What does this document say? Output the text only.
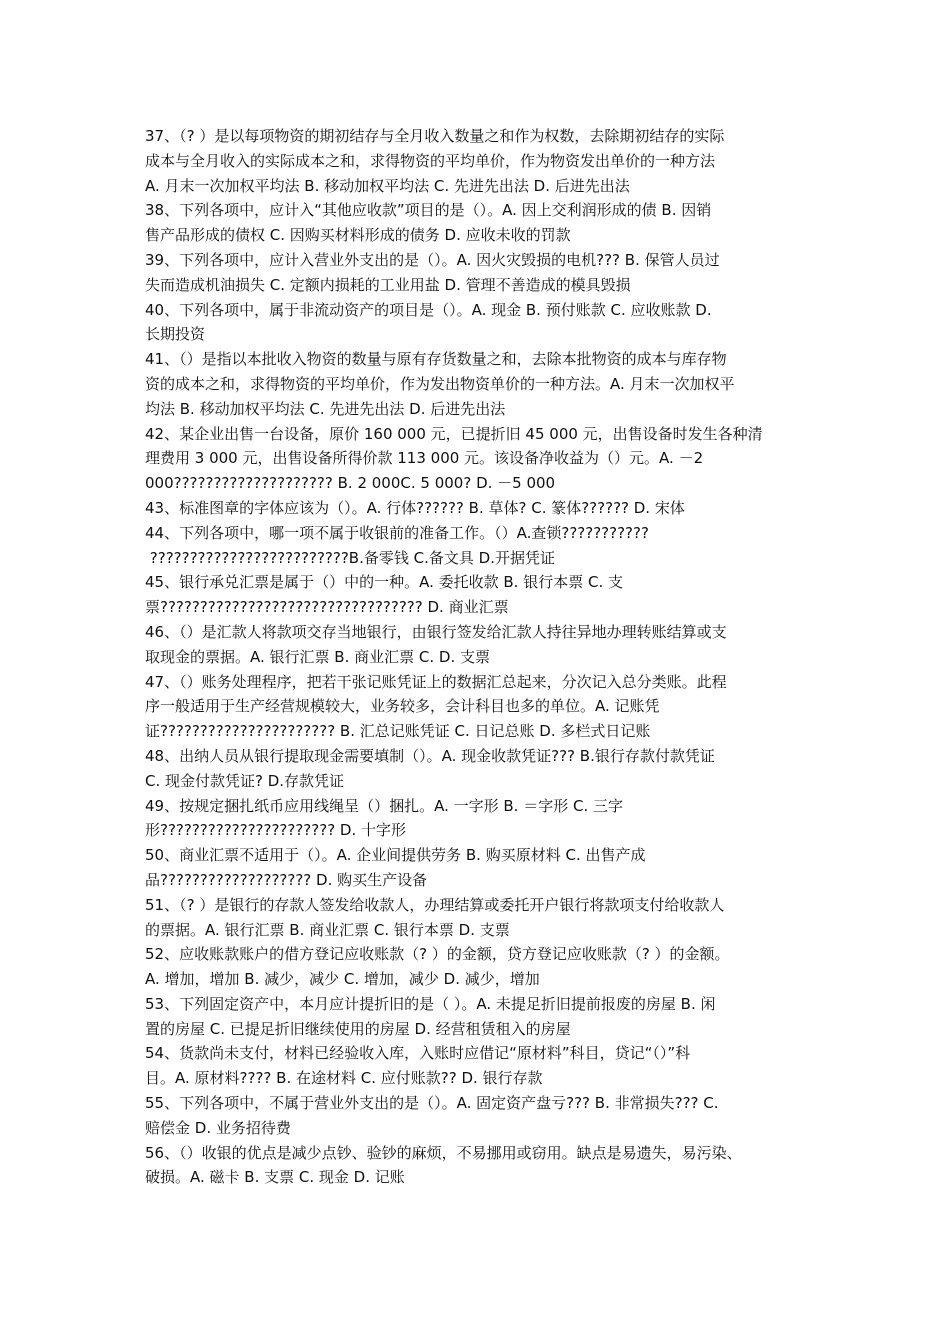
37、（? ）是以每项物资的期初结存与全月收入数量之和作为权数，去除期初结存的实际
成本与全月收入的实际成本之和，求得物资的平均单价，作为物资发出单价的一种方法
A. 月末一次加权平均法 B. 移动加权平均法 C. 先进先出法 D. 后进先出法
38、下列各项中，应计入“其他应收款”项目的是（）。A. 因上交利润形成的债 B. 因销
售产品形成的债权 C. 因购买材料形成的债务 D. 应收未收的罚款
39、下列各项中，应计入营业外支出的是（）。A. 因火灾毁损的电机??? B. 保管人员过
失而造成机油损失 C. 定额内损耗的工业用盐 D. 管理不善造成的模具毁损
40、下列各项中，属于非流动资产的项目是（）。A. 现金 B. 预付账款 C. 应收账款 D.
长期投资
41、（）是指以本批收入物资的数量与原有存货数量之和，去除本批物资的成本与库存物
资的成本之和，求得物资的平均单价，作为发出物资单价的一种方法。A. 月末一次加权平
均法 B. 移动加权平均法 C. 先进先出法 D. 后进先出法
42、某企业出售一台设备，原价 160 000 元，已提折旧 45 000 元，出售设备时发生各种清
理费用 3 000 元，出售设备所得价款 113 000 元。该设备净收益为（）元。A. －2
000???????????????????? B. 2 000C. 5 000? D. －5 000
43、标准图章的字体应该为（）。A. 行体?????? B. 草体? C. 篆体?????? D. 宋体
44、下列各项中，哪一项不属于收银前的准备工作。（）A.查锁???????????
?????????????????????????B.备零钱 C.备文具 D.开据凭证
45、银行承兑汇票是属于（）中的一种。A. 委托收款 B. 银行本票 C. 支
票????????????????????????????????? D. 商业汇票
46、（）是汇款人将款项交存当地银行，由银行签发给汇款人持往异地办理转账结算或支
取现金的票据。A. 银行汇票 B. 商业汇票 C. D. 支票
47、（）账务处理程序，把若干张记账凭证上的数据汇总起来，分次记入总分类账。此程
序一般适用于生产经营规模较大，业务较多，会计科目也多的单位。A. 记账凭
证?????????????????????? B. 汇总记账凭证 C. 日记总账 D. 多栏式日记账
48、出纳人员从银行提取现金需要填制（）。A. 现金收款凭证??? B.银行存款付款凭证
C. 现金付款凭证? D.存款凭证
49、按规定捆扎纸币应用线绳呈（）捆扎。A. 一字形 B. ＝字形 C. 三字
形?????????????????????? D. 十字形
50、商业汇票不适用于（）。A. 企业间提供劳务 B. 购买原材料 C. 出售产成
品??????????????????? D. 购买生产设备
51、（? ）是银行的存款人签发给收款人，办理结算或委托开户银行将款项支付给收款人
的票据。A. 银行汇票 B. 商业汇票 C. 银行本票 D. 支票
52、应收账款账户的借方登记应收账款（? ）的金额，贷方登记应收账款（? ）的金额。
A. 增加，增加 B. 减少，减少 C. 增加，减少 D. 减少，增加
53、下列固定资产中，本月应计提折旧的是（ ）。A. 未提足折旧提前报废的房屋 B. 闲
置的房屋 C. 已提足折旧继续使用的房屋 D. 经营租赁租入的房屋
54、货款尚未支付，材料已经验收入库，入账时应借记“原材料”科目，贷记“（）”科
目。A. 原材料???? B. 在途材料 C. 应付账款?? D. 银行存款
55、下列各项中，不属于营业外支出的是（）。A. 固定资产盘亏??? B. 非常损失??? C.
赔偿金 D. 业务招待费
56、（）收银的优点是减少点钞、验钞的麻烦，不易挪用或窃用。缺点是易遗失，易污染、
破损。A. 磁卡 B. 支票 C. 现金 D. 记账
